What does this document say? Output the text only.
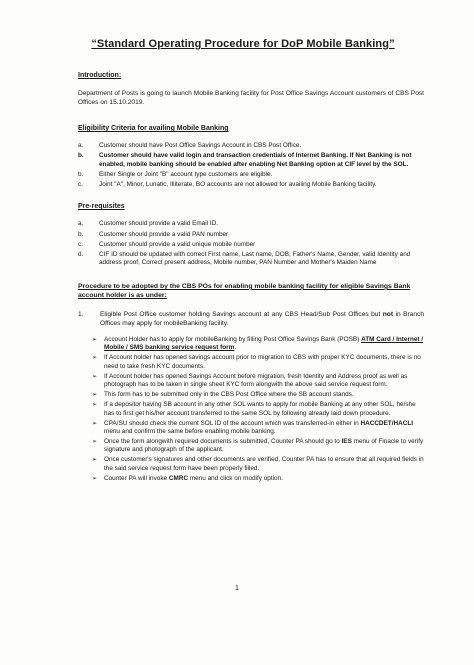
“Standard Operating Procedure for DoP Mobile Banking”
Introduction:
Department of Posts is going to launch Mobile Banking facility for Post Office Savings Account customers of CBS Post Offices on 15.10.2019.
Eligibility Criteria for availing Mobile Banking
a.	Customer should have Post Office Savings Account in CBS Post Office.
b.	Customer should have valid login and transaction credentials of Internet Banking. If Net Banking is not enabled, mobile banking should be enabled after enabling Net Banking option at CIF level by the SOL.
b.	Either Single or Joint "B" account type customers are eligible.
c.	Joint "A", Minor, Lunatic, Illiterate, BO accounts are not allowed for availing Mobile Banking facility.
Pre-requisites
a.	Customer should provide a valid Email ID.
b.	Customer should provide a valid PAN number
c.	Customer should provide a valid unique mobile number
d.	CIF ID should be updated with correct First name, Last name, DOB, Father's Name, Gender, valid Identity and address proof, Correct present address, Mobile number, PAN Number and Mother's Maiden Name
Procedure to be adopted by the CBS POs for enabling mobile banking facility for eligible Savings Bank account holder is as under:
1.	Eligible Post Office customer holding Savings account at any CBS Head/Sub Post Offices but not in Branch Offices may apply for mobileBanking facility.
➢	Account Holder has to apply for mobileBanking by filling Post Office Savings Bank (POSB) ATM Card / Internet / Mobile / SMS banking service request form.
➢	If Account holder has opened savings account prior to migration to CBS with proper KYC documents, there is no need to take fresh KYC documents.
➢	If Account holder has opened Savings Account before migration, fresh Identity and Address proof as well as photograph has to be taken in single sheet KYC form alongwith the above said service request form.
➢	This form has to be submitted only in the CBS Post Office where the SB account stands.
➢	If a depositor having SB account in any other SOL wants to apply for mobile Banking at any other SOL, he/she has to first get his/her account transferred to the same SOL by following already laid down procedure.
➢	CPA/SU should check the current SOL ID of the account which was transferred-in either in HACCDET/HACLI menu and confirm the same before enabling mobile banking.
➢	Once the form alongwith required documents is submitted, Counter PA should go to IES menu of Finacle to verify signature and photograph of the applicant.
➢	Once customer's signatures and other documents are verified, Counter PA has to ensure that all required fields in the said service request form have been properly filled.
➢	Counter PA will invoke CMRC menu and click on modify option.
1
